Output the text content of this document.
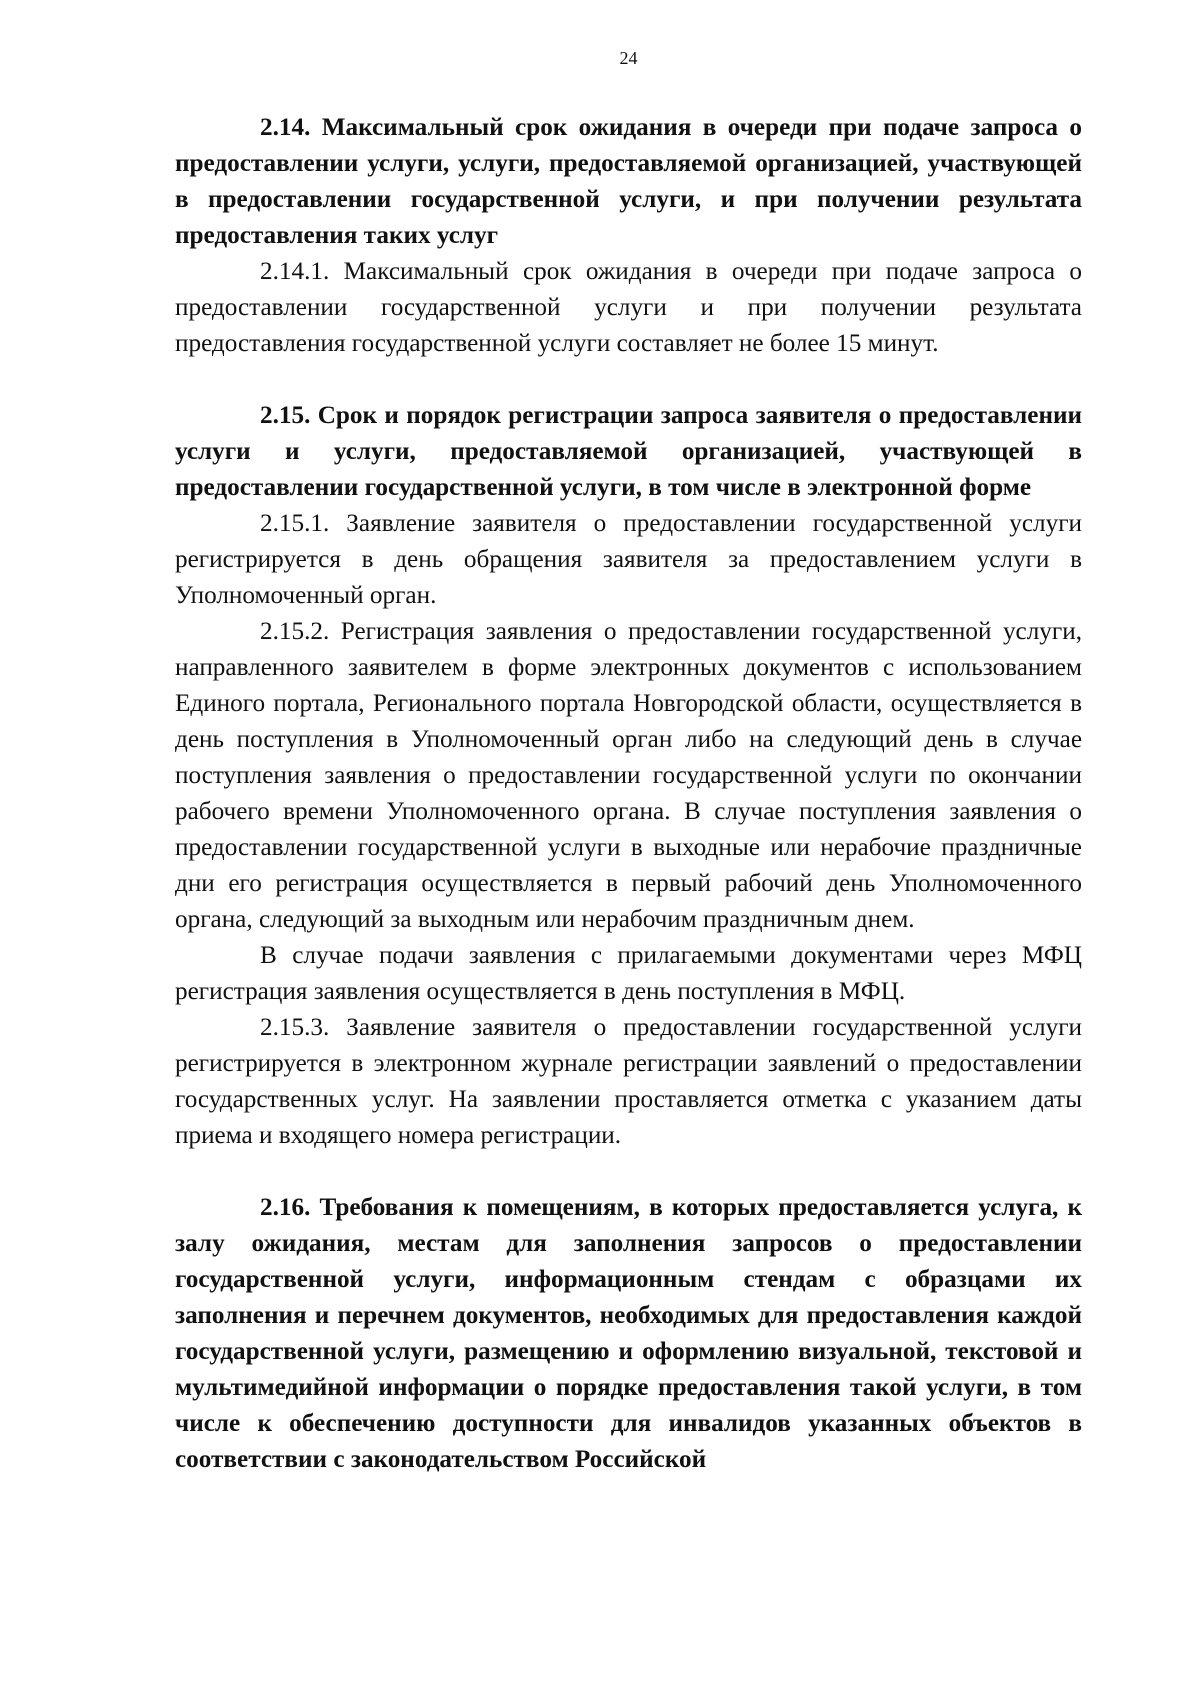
24

2.14. Максимальный срок ожидания в очереди при подаче запроса о предоставлении услуги, услуги, предоставляемой организацией, участвующей в предоставлении государственной услуги, и при получении результата предоставления таких услуг

2.14.1. Максимальный срок ожидания в очереди при подаче запроса о предоставлении государственной услуги и при получении результата предоставления государственной услуги составляет не более 15 минут.

2.15. Срок и порядок регистрации запроса заявителя о предоставлении услуги и услуги, предоставляемой организацией, участвующей в предоставлении государственной услуги, в том числе в электронной форме

2.15.1. Заявление заявителя о предоставлении государственной услуги регистрируется в день обращения заявителя за предоставлением услуги в Уполномоченный орган.

2.15.2. Регистрация заявления о предоставлении государственной услуги, направленного заявителем в форме электронных документов с использованием Единого портала, Регионального портала Новгородской области, осуществляется в день поступления в Уполномоченный орган либо на следующий день в случае поступления заявления о предоставлении государственной услуги по окончании рабочего времени Уполномоченного органа. В случае поступления заявления о предоставлении государственной услуги в выходные или нерабочие праздничные дни его регистрация осуществляется в первый рабочий день Уполномоченного органа, следующий за выходным или нерабочим праздничным днем.

В случае подачи заявления с прилагаемыми документами через МФЦ регистрация заявления осуществляется в день поступления в МФЦ.

2.15.3. Заявление заявителя о предоставлении государственной услуги регистрируется в электронном журнале регистрации заявлений о предоставлении государственных услуг. На заявлении проставляется отметка с указанием даты приема и входящего номера регистрации.

2.16. Требования к помещениям, в которых предоставляется услуга, к залу ожидания, местам для заполнения запросов о предоставлении государственной услуги, информационным стендам с образцами их заполнения и перечнем документов, необходимых для предоставления каждой государственной услуги, размещению и оформлению визуальной, текстовой и мультимедийной информации о порядке предоставления такой услуги, в том числе к обеспечению доступности для инвалидов указанных объектов в соответствии с законодательством Российской
